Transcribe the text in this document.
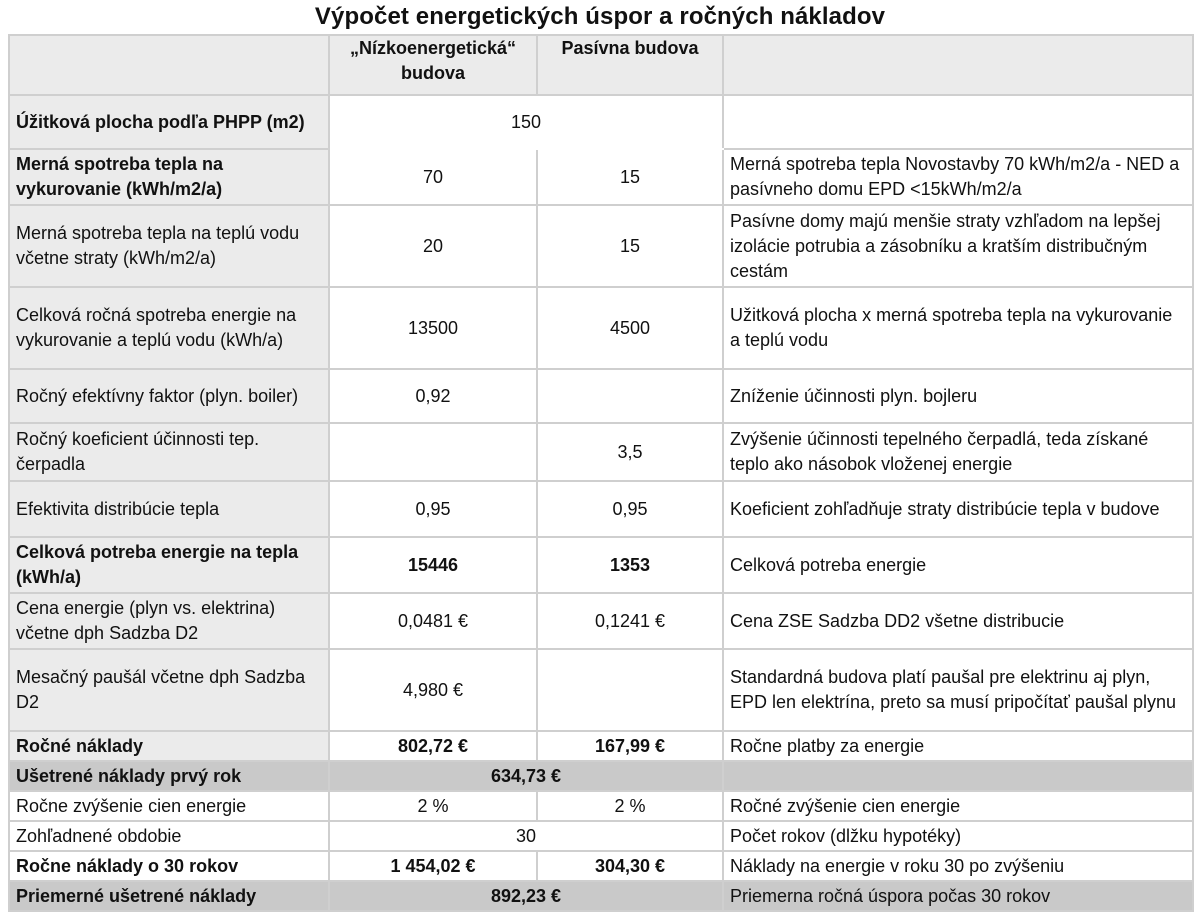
Výpočet energetických úspor a ročných nákladov
	„Nízkoenergetická“ budova	Pasívna budova	
Úžitková plocha podľa PHPP (m2)	150		
Merná spotreba tepla na vykurovanie (kWh/m2/a)	70	15	Merná spotreba tepla Novostavby 70 kWh/m2/a - NED a pasívneho domu EPD <15kWh/m2/a
Merná spotreba tepla na teplú vodu včetne straty (kWh/m2/a)	20	15	Pasívne domy majú menšie straty vzhľadom na lepšej izolácie potrubia a zásobníku a kratším distribučným cestám
Celková ročná spotreba energie na vykurovanie a teplú vodu (kWh/a)	13500	4500	Užitková plocha x merná spotreba tepla na vykurovanie a teplú vodu
Ročný efektívny faktor (plyn. boiler)	0,92		Zníženie účinnosti plyn. bojleru
Ročný koeficient účinnosti tep. čerpadla		3,5	Zvýšenie účinnosti tepelného čerpadlá, teda získané teplo ako násobok vloženej energie
Efektivita distribúcie tepla	0,95	0,95	Koeficient zohľadňuje straty distribúcie tepla v budove
Celková potreba energie na tepla (kWh/a)	15446	1353	Celková potreba energie
Cena energie (plyn vs. elektrina) včetne dph Sadzba D2	0,0481 €	0,1241 €	Cena ZSE Sadzba DD2 všetne distribucie
Mesačný paušál včetne dph Sadzba D2	4,980 €		Standardná budova platí paušal pre elektrinu aj plyn, EPD len elektrína, preto sa musí pripočítať paušal plynu
Ročné náklady	802,72 €	167,99 €	Ročne platby za energie
Ušetrené náklady prvý rok	634,73 €		
Ročne zvýšenie cien energie	2 %	2 %	Ročné zvýšenie cien energie
Zohľadnené obdobie	30		Počet rokov (dlžku hypotéky)
Ročne náklady o 30 rokov	1 454,02 €	304,30 €	Náklady na energie v roku 30 po zvýšeniu
Priemerné ušetrené náklady	892,23 €		Priemerna ročná úspora počas 30 rokov
